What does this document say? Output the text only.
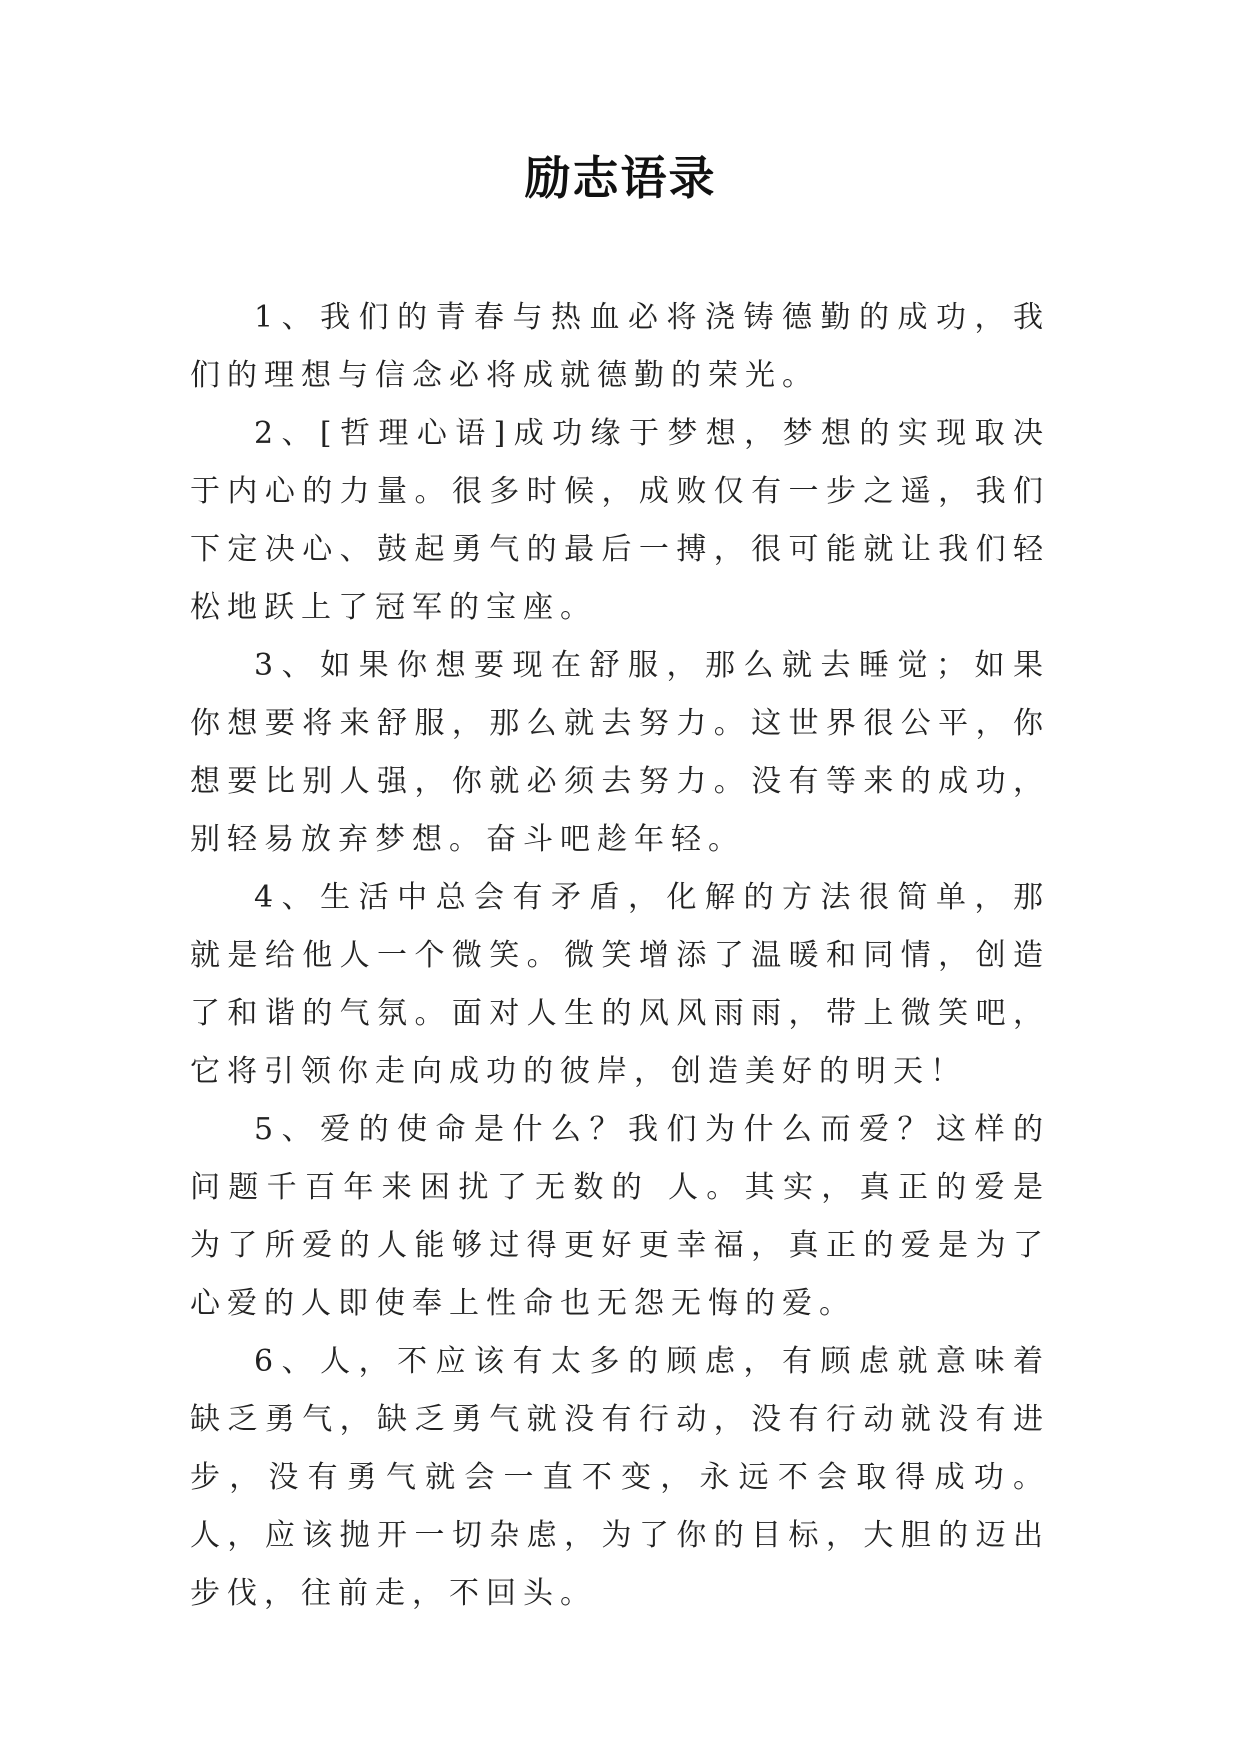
励志语录

1、我们的青春与热血必将浇铸德勤的成功，我们的理想与信念必将成就德勤的荣光。

2、[哲理心语]成功缘于梦想，梦想的实现取决于内心的力量。很多时候，成败仅有一步之遥，我们下定决心、鼓起勇气的最后一搏，很可能就让我们轻松地跃上了冠军的宝座。

3、如果你想要现在舒服，那么就去睡觉；如果你想要将来舒服，那么就去努力。这世界很公平，你想要比别人强，你就必须去努力。没有等来的成功，别轻易放弃梦想。奋斗吧趁年轻。

4、生活中总会有矛盾，化解的方法很简单，那就是给他人一个微笑。微笑增添了温暖和同情，创造了和谐的气氛。面对人生的风风雨雨，带上微笑吧，它将引领你走向成功的彼岸，创造美好的明天！

5、爱的使命是什么？我们为什么而爱？这样的问题千百年来困扰了无数的 人。其实，真正的爱是为了所爱的人能够过得更好更幸福，真正的爱是为了 心爱的人即使奉上性命也无怨无悔的爱。

6、人，不应该有太多的顾虑，有顾虑就意味着缺乏勇气，缺乏勇气就没有行动，没有行动就没有进步，没有勇气就会一直不变，永远不会取得成功。人，应该抛开一切杂虑，为了你的目标，大胆的迈出步伐，往前走，不回头。
